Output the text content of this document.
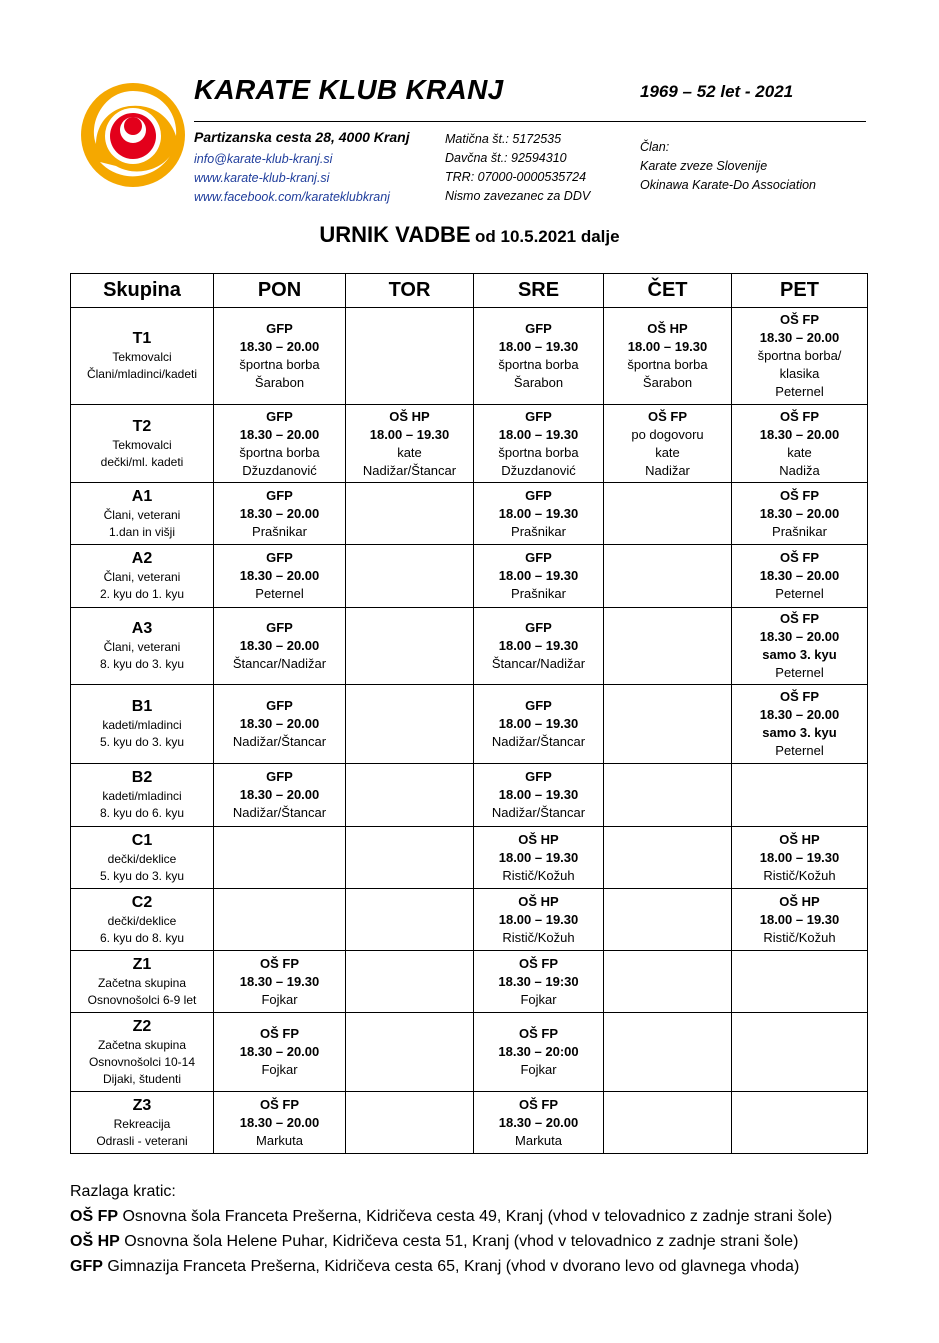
KARATE KLUB KRANJ	1969 – 52 let - 2021
Partizanska cesta 28, 4000 Kranj
info@karate-klub-kranj.si
www.karate-klub-kranj.si
www.facebook.com/karateklubkranj
Matična št.: 5172535
Davčna št.: 92594310
TRR: 07000-0000535724
Nismo zavezanec za DDV
Član:
Karate zveze Slovenije
Okinawa Karate-Do Association
URNIK VADBE od 10.5.2021 dalje
Skupina	PON	TOR	SRE	ČET	PET

T1
Tekmovalci
Člani/mladinci/kadeti	GFP
18.30 – 20.00
športna borba
Šarabon		GFP
18.00 – 19.30
športna borba
Šarabon	OŠ HP
18.00 – 19.30
športna borba
Šarabon	OŠ FP
18.30 – 20.00
športna borba/
klasika
Peternel

T2
Tekmovalci
dečki/ml. kadeti	GFP
18.30 – 20.00
športna borba
Džuzdanović	OŠ HP
18.00 – 19.30
kate
Nadižar/Štancar	GFP
18.00 – 19.30
športna borba
Džuzdanović	OŠ FP
po dogovoru
kate
Nadižar	OŠ FP
18.30 – 20.00
kate
Nadiža

A1
Člani, veterani
1.dan in višji	GFP
18.30 – 20.00
Prašnikar		GFP
18.00 – 19.30
Prašnikar		OŠ FP
18.30 – 20.00
Prašnikar

A2
Člani, veterani
2. kyu do 1. kyu	GFP
18.30 – 20.00
Peternel		GFP
18.00 – 19.30
Prašnikar		OŠ FP
18.30 – 20.00
Peternel

A3
Člani, veterani
8. kyu do 3. kyu	GFP
18.30 – 20.00
Štancar/Nadižar		GFP
18.00 – 19.30
Štancar/Nadižar		OŠ FP
18.30 – 20.00
samo 3. kyu
Peternel

B1
kadeti/mladinci
5. kyu do 3. kyu	GFP
18.30 – 20.00
Nadižar/Štancar		GFP
18.00 – 19.30
Nadižar/Štancar		OŠ FP
18.30 – 20.00
samo 3. kyu
Peternel

B2
kadeti/mladinci
8. kyu do 6. kyu	GFP
18.30 – 20.00
Nadižar/Štancar		GFP
18.00 – 19.30
Nadižar/Štancar		

C1
dečki/deklice
5. kyu do 3. kyu			OŠ HP
18.00 – 19.30
Ristič/Kožuh		OŠ HP
18.00 – 19.30
Ristič/Kožuh

C2
dečki/deklice
6. kyu do 8. kyu			OŠ HP
18.00 – 19.30
Ristič/Kožuh		OŠ HP
18.00 – 19.30
Ristič/Kožuh

Z1
Začetna skupina
Osnovnošolci 6-9 let	OŠ FP
18.30 – 19.30
Fojkar		OŠ FP
18.30 – 19:30
Fojkar		

Z2
Začetna skupina
Osnovnošolci 10-14
Dijaki, študenti	OŠ FP
18.30 – 20.00
Fojkar		OŠ FP
18.30 – 20:00
Fojkar		

Z3
Rekreacija
Odrasli - veterani	OŠ FP
18.30 – 20.00
Markuta		OŠ FP
18.30 – 20.00
Markuta		

Razlaga kratic:
OŠ FP Osnovna šola Franceta Prešerna, Kidričeva cesta 49, Kranj (vhod v telovadnico z zadnje strani šole)
OŠ HP Osnovna šola Helene Puhar, Kidričeva cesta 51, Kranj (vhod v telovadnico z zadnje strani šole)
GFP Gimnazija Franceta Prešerna, Kidričeva cesta 65, Kranj (vhod v dvorano levo od glavnega vhoda)
